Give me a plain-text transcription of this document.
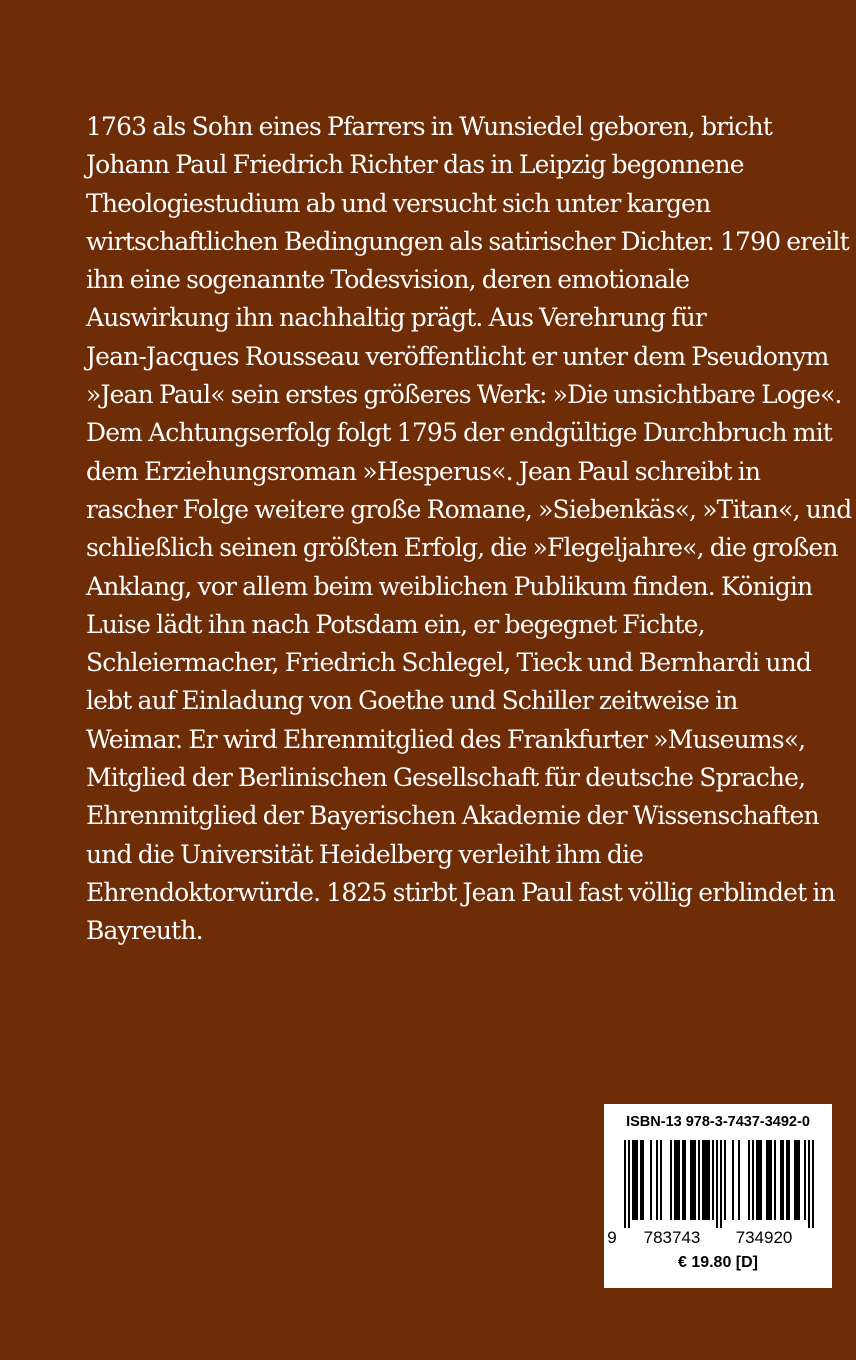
1763 als Sohn eines Pfarrers in Wunsiedel geboren, bricht
Johann Paul Friedrich Richter das in Leipzig begonnene
Theologiestudium ab und versucht sich unter kargen
wirtschaftlichen Bedingungen als satirischer Dichter. 1790 ereilt
ihn eine sogenannte Todesvision, deren emotionale
Auswirkung ihn nachhaltig prägt. Aus Verehrung für
Jean-Jacques Rousseau veröffentlicht er unter dem Pseudonym
»Jean Paul« sein erstes größeres Werk: »Die unsichtbare Loge«.
Dem Achtungserfolg folgt 1795 der endgültige Durchbruch mit
dem Erziehungsroman »Hesperus«. Jean Paul schreibt in
rascher Folge weitere große Romane, »Siebenkäs«, »Titan«, und
schließlich seinen größten Erfolg, die »Flegeljahre«, die großen
Anklang, vor allem beim weiblichen Publikum finden. Königin
Luise lädt ihn nach Potsdam ein, er begegnet Fichte,
Schleiermacher, Friedrich Schlegel, Tieck und Bernhardi und
lebt auf Einladung von Goethe und Schiller zeitweise in
Weimar. Er wird Ehrenmitglied des Frankfurter »Museums«,
Mitglied der Berlinischen Gesellschaft für deutsche Sprache,
Ehrenmitglied der Bayerischen Akademie der Wissenschaften
und die Universität Heidelberg verleiht ihm die
Ehrendoktorwürde. 1825 stirbt Jean Paul fast völlig erblindet in
Bayreuth.
ISBN-13 978-3-7437-3492-0
9 783743 734920
€ 19.80 [D]
